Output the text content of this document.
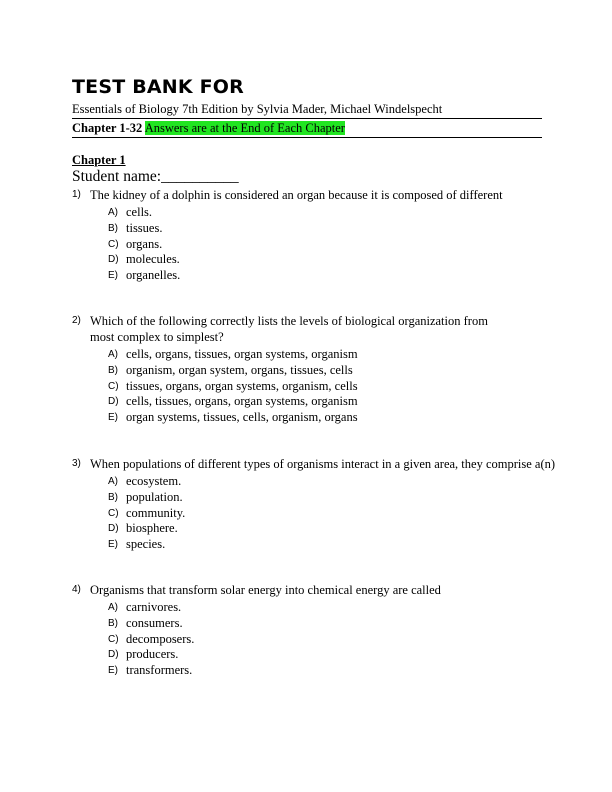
TEST BANK FOR
Essentials of Biology 7th Edition by Sylvia Mader, Michael Windelspecht
Chapter 1-32 Answers are at the End of Each Chapter
Chapter 1
Student name:__________
1) The kidney of a dolphin is considered an organ because it is composed of different
A) cells.
B) tissues.
C) organs.
D) molecules.
E) organelles.
2) Which of the following correctly lists the levels of biological organization from most complex to simplest?
A) cells, organs, tissues, organ systems, organism
B) organism, organ system, organs, tissues, cells
C) tissues, organs, organ systems, organism, cells
D) cells, tissues, organs, organ systems, organism
E) organ systems, tissues, cells, organism, organs
3) When populations of different types of organisms interact in a given area, they comprise a(n)
A) ecosystem.
B) population.
C) community.
D) biosphere.
E) species.
4) Organisms that transform solar energy into chemical energy are called
A) carnivores.
B) consumers.
C) decomposers.
D) producers.
E) transformers.
